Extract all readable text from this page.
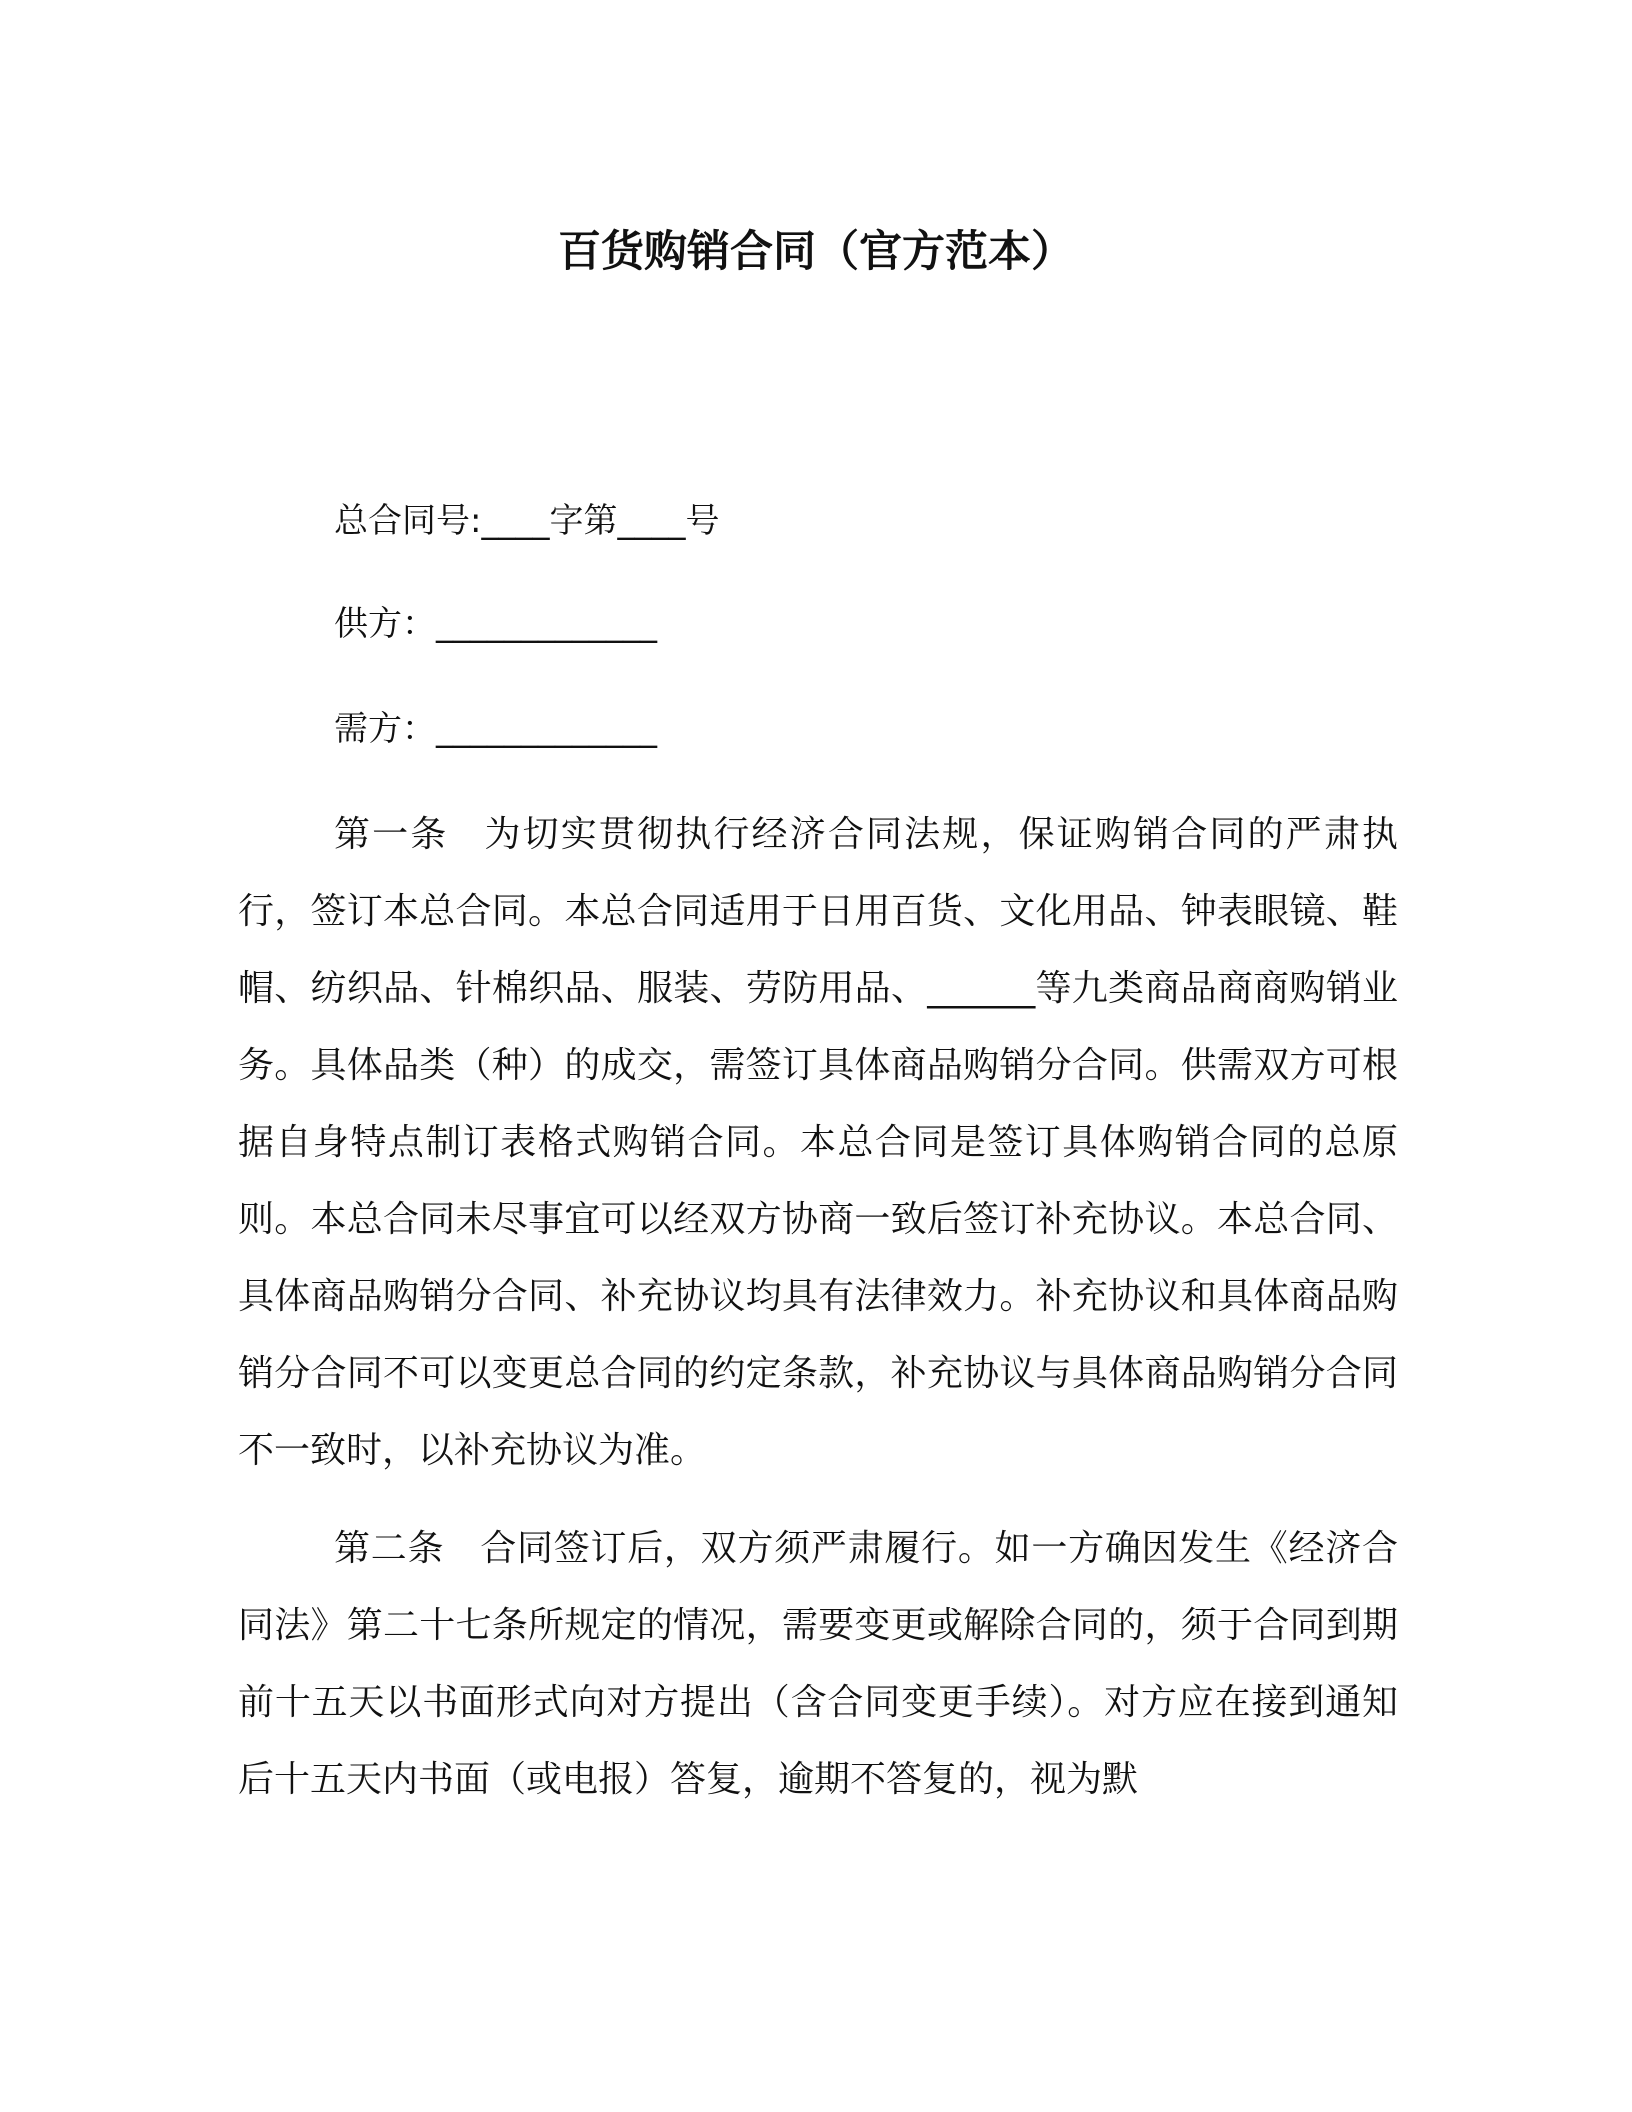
百货购销合同（官方范本）
总合同号:____字第____号
供方：_____________
需方：_____________

第一条 为切实贯彻执行经济合同法规，保证购销合同的严肃执行，签订本总合同。本总合同适用于日用百货、文化用品、钟表眼镜、鞋帽、纺织品、针棉织品、服装、劳防用品、______等九类商品商商购销业务。具体品类（种）的成交，需签订具体商品购销分合同。供需双方可根据自身特点制订表格式购销合同。本总合同是签订具体购销合同的总原则。本总合同未尽事宜可以经双方协商一致后签订补充协议。本总合同、具体商品购销分合同、补充协议均具有法律效力。补充协议和具体商品购销分合同不可以变更总合同的约定条款，补充协议与具体商品购销分合同不一致时，以补充协议为准。

第二条 合同签订后，双方须严肃履行。如一方确因发生《经济合同法》第二十七条所规定的情况，需要变更或解除合同的，须于合同到期前十五天以书面形式向对方提出（含合同变更手续）。对方应在接到通知后十五天内书面（或电报）答复，逾期不答复的，视为默
